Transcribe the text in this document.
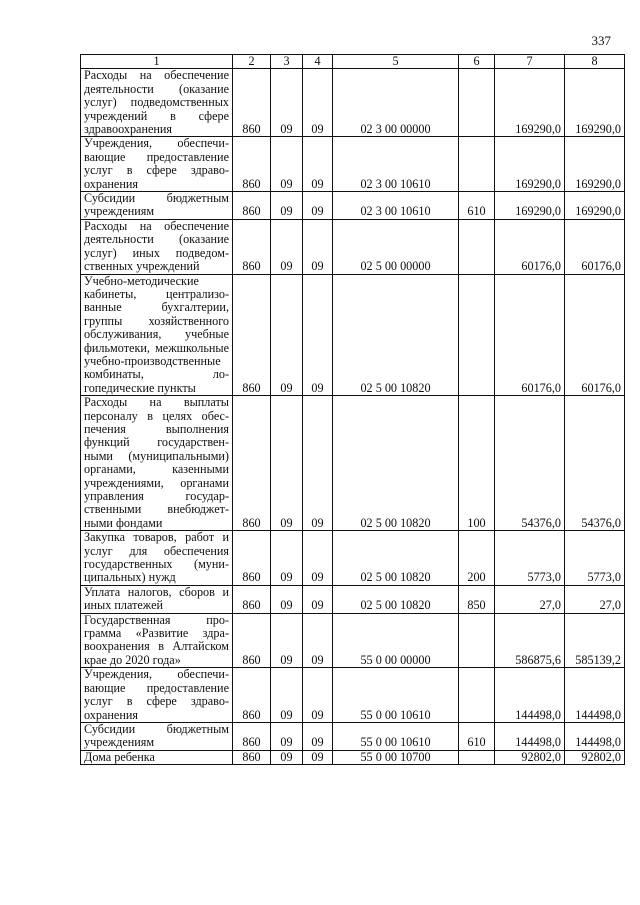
337
1	2	3	4	5	6	7	8
Расходы на обеспечение деятельности (оказание услуг) подведомственных учреждений в сфере здравоохранения	860	09	09	02 3 00 00000		169290,0	169290,0
Учреждения, обеспечивающие предоставление услуг в сфере здравоохранения	860	09	09	02 3 00 10610		169290,0	169290,0
Субсидии бюджетным учреждениям	860	09	09	02 3 00 10610	610	169290,0	169290,0
Расходы на обеспечение деятельности (оказание услуг) иных подведомственных учреждений	860	09	09	02 5 00 00000		60176,0	60176,0
Учебно-методические кабинеты, централизованные бухгалтерии, группы хозяйственного обслуживания, учебные фильмотеки, межшкольные учебно-производственные комбинаты, логопедические пункты	860	09	09	02 5 00 10820		60176,0	60176,0
Расходы на выплаты персоналу в целях обеспечения выполнения функций государственными (муниципальными) органами, казенными учреждениями, органами управления государственными внебюджетными фондами	860	09	09	02 5 00 10820	100	54376,0	54376,0
Закупка товаров, работ и услуг для обеспечения государственных (муниципальных) нужд	860	09	09	02 5 00 10820	200	5773,0	5773,0
Уплата налогов, сборов и иных платежей	860	09	09	02 5 00 10820	850	27,0	27,0
Государственная программа «Развитие здравоохранения в Алтайском крае до 2020 года»	860	09	09	55 0 00 00000		586875,6	585139,2
Учреждения, обеспечивающие предоставление услуг в сфере здравоохранения	860	09	09	55 0 00 10610		144498,0	144498,0
Субсидии бюджетным учреждениям	860	09	09	55 0 00 10610	610	144498,0	144498,0
Дома ребенка	860	09	09	55 0 00 10700		92802,0	92802,0
